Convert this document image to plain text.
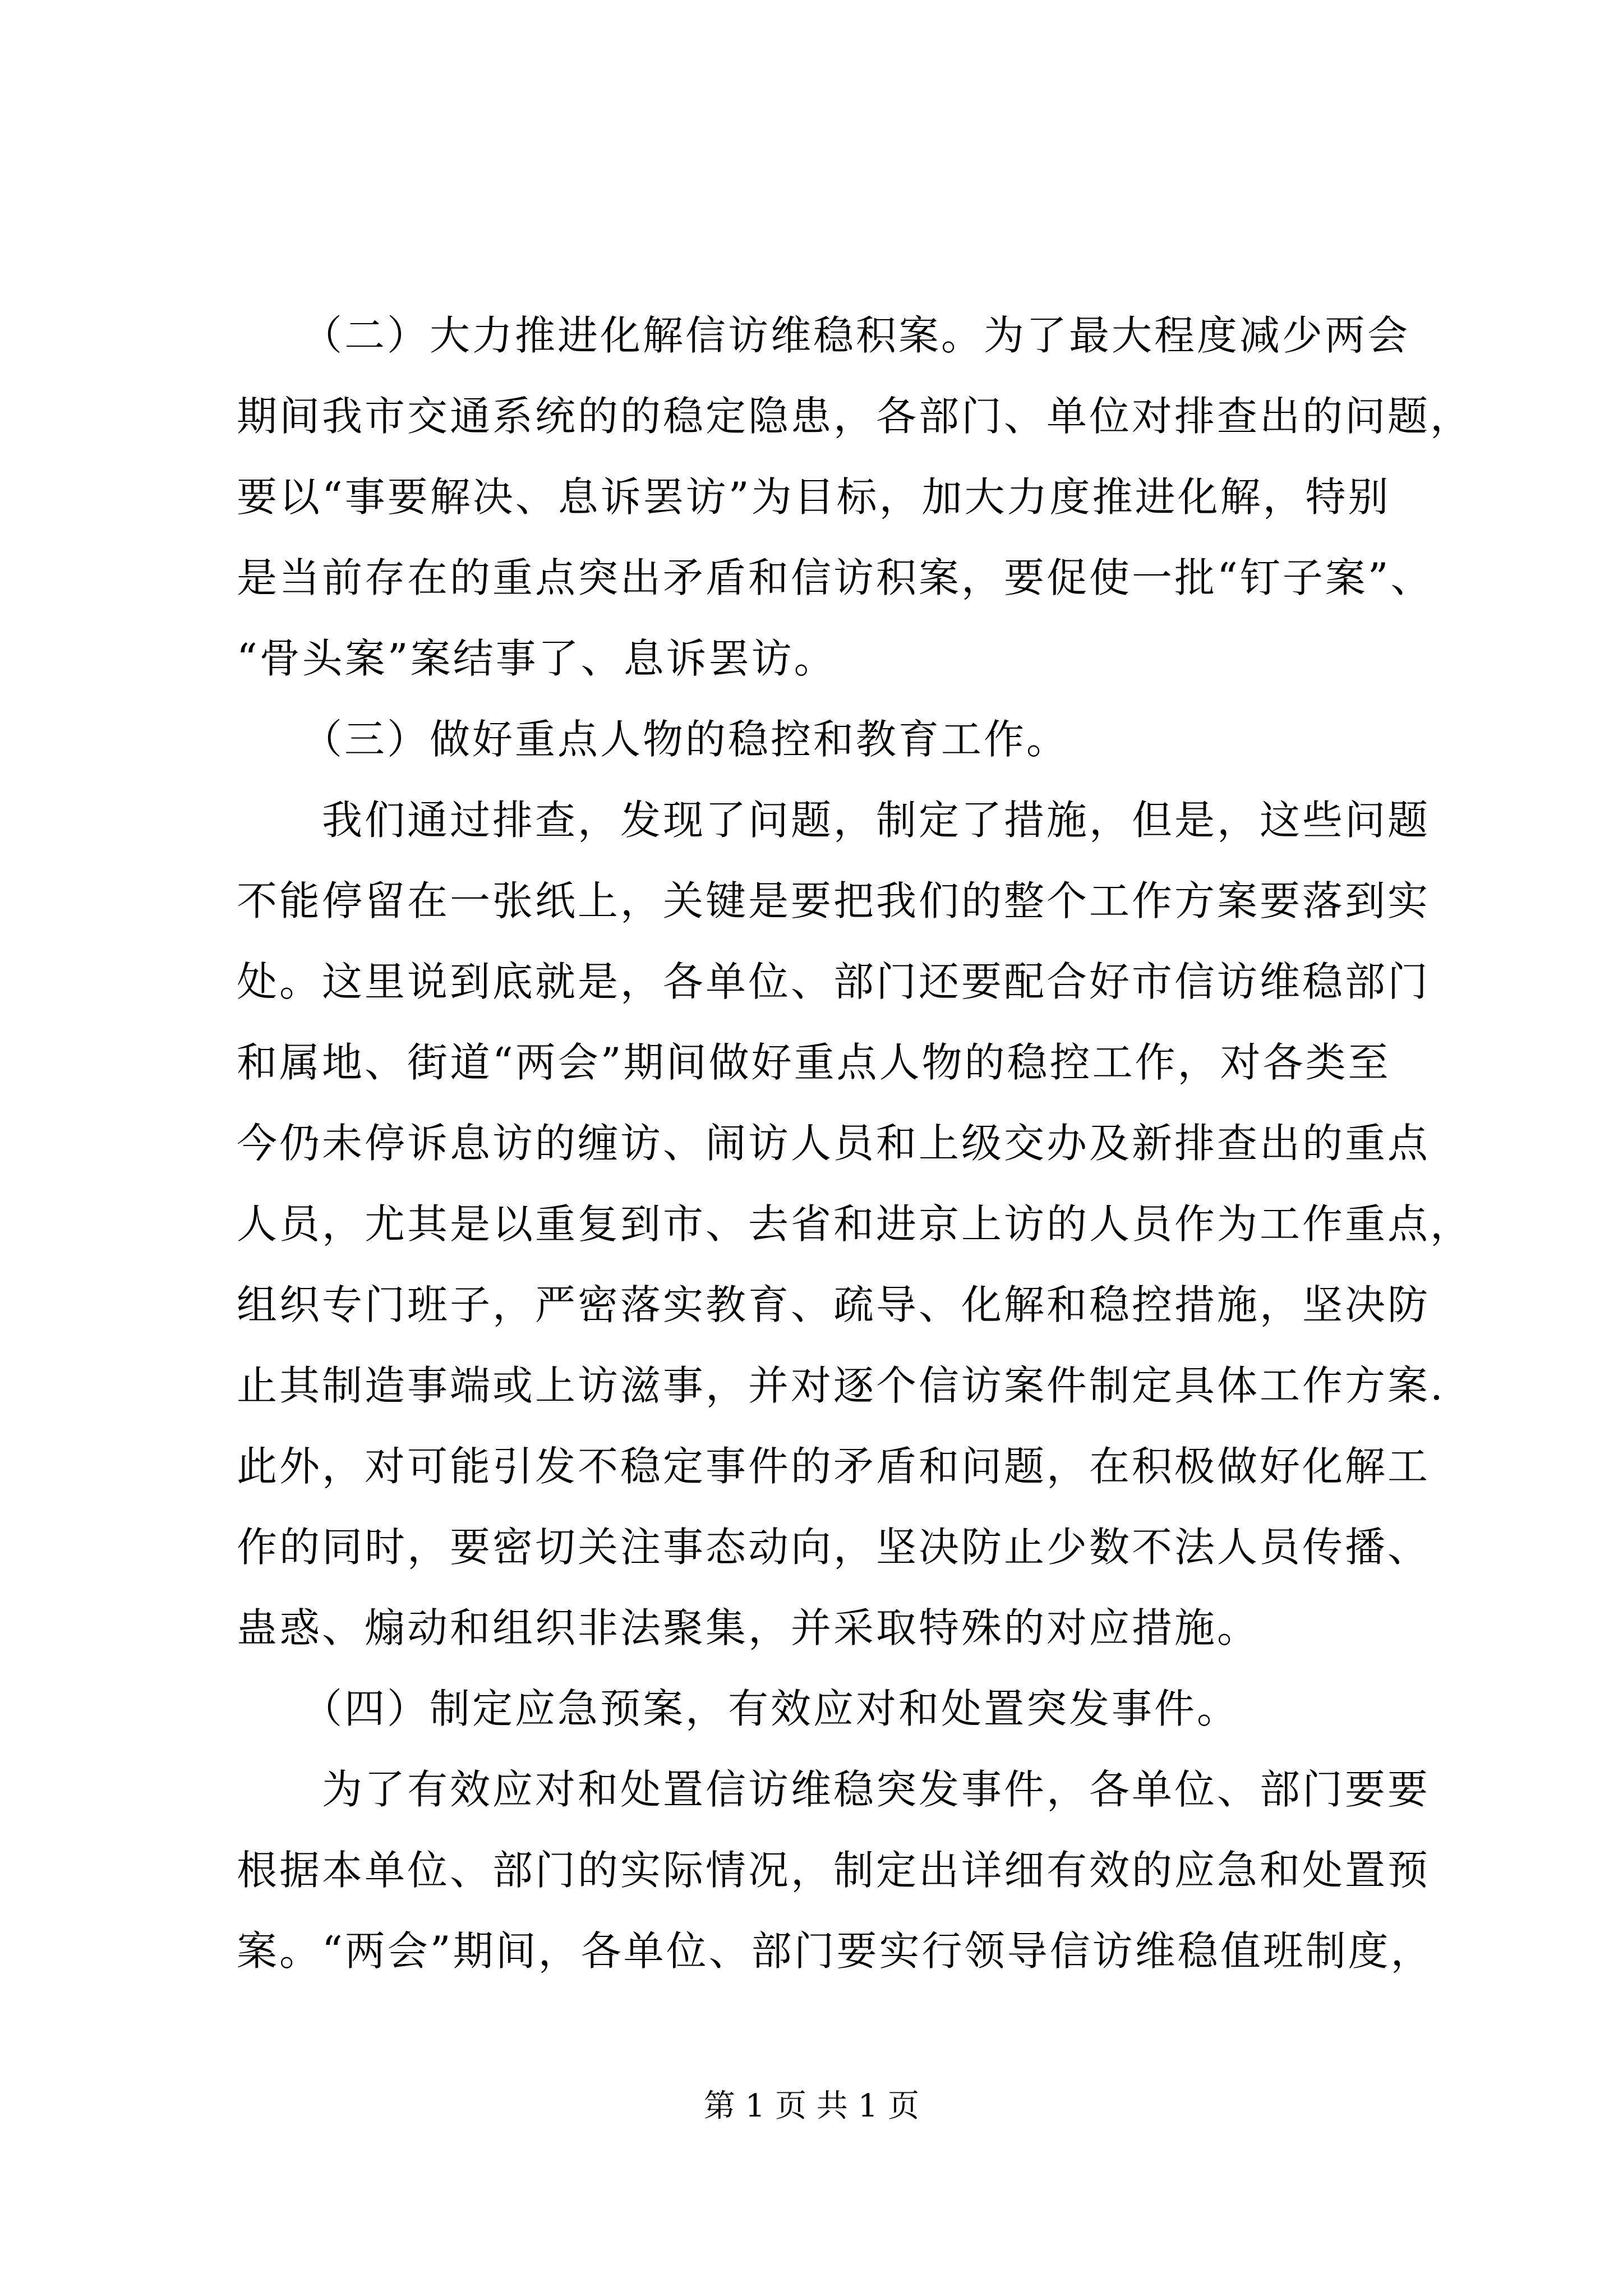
　　（二）大力推进化解信访维稳积案。为了最大程度减少两会
期间我市交通系统的的稳定隐患，各部门、单位对排查出的问题，
要以“事要解决、息诉罢访”为目标，加大力度推进化解，特别
是当前存在的重点突出矛盾和信访积案，要促使一批“钉子案”、
“骨头案”案结事了、息诉罢访。
　　（三）做好重点人物的稳控和教育工作。
　　我们通过排查，发现了问题，制定了措施，但是，这些问题
不能停留在一张纸上，关键是要把我们的整个工作方案要落到实
处。这里说到底就是，各单位、部门还要配合好市信访维稳部门
和属地、街道“两会”期间做好重点人物的稳控工作，对各类至
今仍未停诉息访的缠访、闹访人员和上级交办及新排查出的重点
人员，尤其是以重复到市、去省和进京上访的人员作为工作重点，
组织专门班子，严密落实教育、疏导、化解和稳控措施，坚决防
止其制造事端或上访滋事，并对逐个信访案件制定具体工作方案.
此外，对可能引发不稳定事件的矛盾和问题，在积极做好化解工
作的同时，要密切关注事态动向，坚决防止少数不法人员传播、
蛊惑、煽动和组织非法聚集，并采取特殊的对应措施。
　　（四）制定应急预案，有效应对和处置突发事件。
　　为了有效应对和处置信访维稳突发事件，各单位、部门要要
根据本单位、部门的实际情况，制定出详细有效的应急和处置预
案。“两会”期间，各单位、部门要实行领导信访维稳值班制度，
第 1 页 共 1 页
